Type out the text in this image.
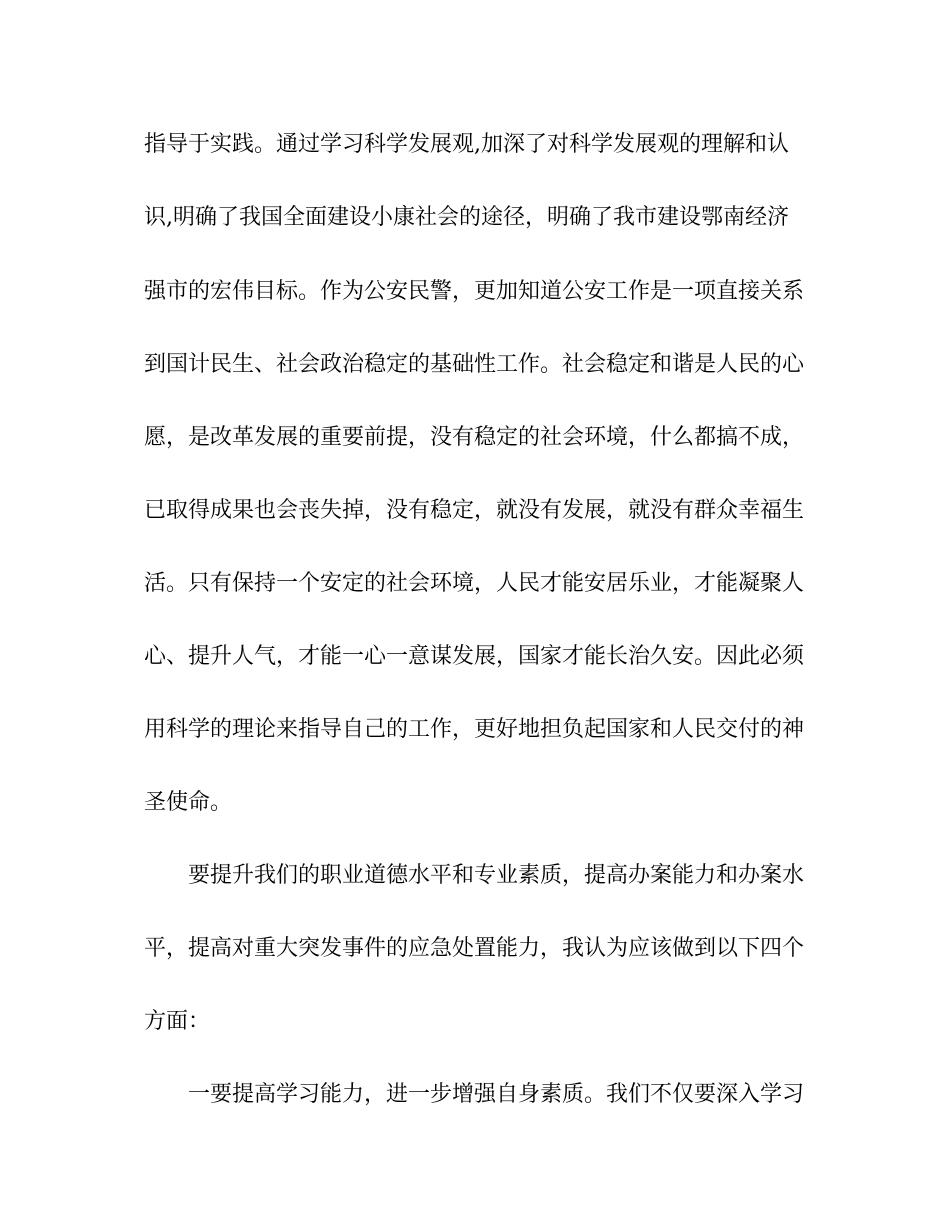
指导于实践。通过学习科学发展观,加深了对科学发展观的理解和认
识,明确了我国全面建设小康社会的途径，明确了我市建设鄂南经济
强市的宏伟目标。作为公安民警，更加知道公安工作是一项直接关系
到国计民生、社会政治稳定的基础性工作。社会稳定和谐是人民的心
愿，是改革发展的重要前提，没有稳定的社会环境，什么都搞不成，
已取得成果也会丧失掉，没有稳定，就没有发展，就没有群众幸福生
活。只有保持一个安定的社会环境，人民才能安居乐业，才能凝聚人
心、提升人气，才能一心一意谋发展，国家才能长治久安。因此必须
用科学的理论来指导自己的工作，更好地担负起国家和人民交付的神
圣使命。
要提升我们的职业道德水平和专业素质，提高办案能力和办案水
平，提高对重大突发事件的应急处置能力，我认为应该做到以下四个
方面：
一要提高学习能力，进一步增强自身素质。我们不仅要深入学习
